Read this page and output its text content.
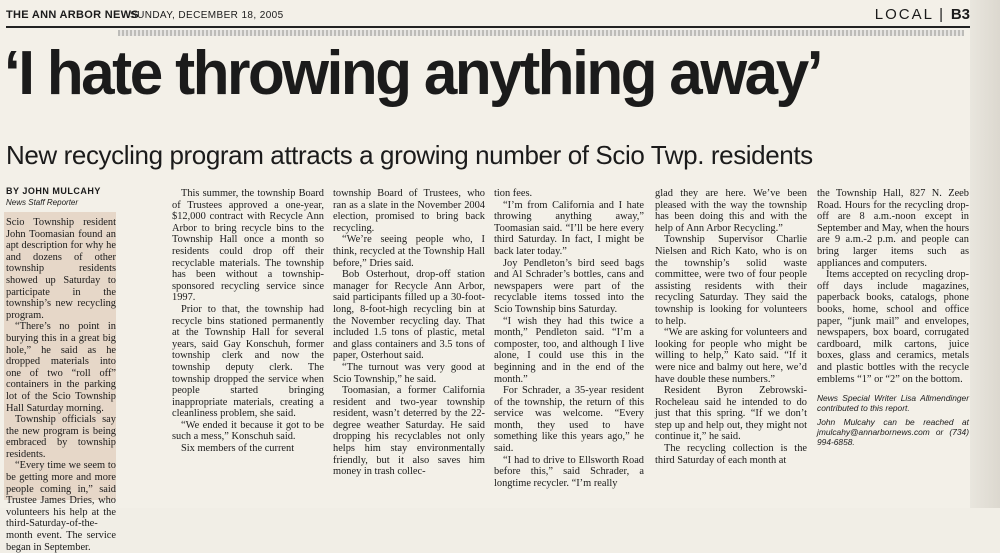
THE ANN ARBOR NEWS
SUNDAY, DECEMBER 18, 2005	LOCAL | B3
‘I hate throwing anything away’
New recycling program attracts a growing number of Scio Twp. residents
BY JOHN MULCAHY
News Staff Reporter

Scio Township resident John Toomasian found an apt description for why he and dozens of other township residents showed up Saturday to participate in the township’s new recycling program.

“There’s no point in burying this in a great big hole,” he said as he dropped materials into one of two “roll off” containers in the parking lot of the Scio Township Hall Saturday morning.

Township officials say the new program is being embraced by township residents.

“Every time we seem to be getting more and more people coming in,” said Trustee James Dries, who volunteers his help at the third-Saturday-of-the-month event. The service began in September.

This summer, the township Board of Trustees approved a one-year, $12,000 contract with Recycle Ann Arbor to bring recycle bins to the Township Hall once a month so residents could drop off their recyclable materials. The township has been without a township-sponsored recycling service since 1997.

Prior to that, the township had recycle bins stationed permanently at the Township Hall for several years, said Gay Konschuh, former township clerk and now the township deputy clerk. The township dropped the service when people started bringing inappropriate materials, creating a cleanliness problem, she said.

“We ended it because it got to be such a mess,” Konschuh said.

Six members of the current

township Board of Trustees, who ran as a slate in the November 2004 election, promised to bring back recycling.

“We’re seeing people who, I think, recycled at the Township Hall before,” Dries said.

Bob Osterhout, drop-off station manager for Recycle Ann Arbor, said participants filled up a 30-foot-long, 8-foot-high recycling bin at the November recycling day. That included 1.5 tons of plastic, metal and glass containers and 3.5 tons of paper, Osterhout said.

“The turnout was very good at Scio Township,” he said.

Toomasian, a former California resident and two-year township resident, wasn’t deterred by the 22-degree weather Saturday. He said dropping his recyclables not only helps him stay environmentally friendly, but it also saves him money in trash collec-

tion fees.

“I’m from California and I hate throwing anything away,” Toomasian said. “I’ll be here every third Saturday. In fact, I might be back later today.”

Joy Pendleton’s bird seed bags and Al Schrader’s bottles, cans and newspapers were part of the recyclable items tossed into the Scio Township bins Saturday.

“I wish they had this twice a month,” Pendleton said. “I’m a composter, too, and although I live alone, I could use this in the beginning and in the end of the month.”

For Schrader, a 35-year resident of the township, the return of this service was welcome. “Every month, they used to have something like this years ago,” he said.

“I had to drive to Ellsworth Road before this,” said Schrader, a longtime recycler. “I’m really

glad they are here. We’ve been pleased with the way the township has been doing this and with the help of Ann Arbor Recycling.”

Township Supervisor Charlie Nielsen and Rich Kato, who is on the township’s solid waste committee, were two of four people assisting residents with their recycling Saturday. They said the township is looking for volunteers to help.

“We are asking for volunteers and looking for people who might be willing to help,” Kato said. “If it were nice and balmy out here, we’d have double these numbers.”

Resident Byron Zebrowski-Rocheleau said he intended to do just that this spring. “If we don’t step up and help out, they might not continue it,” he said.

The recycling collection is the third Saturday of each month at

the Township Hall, 827 N. Zeeb Road. Hours for the recycling drop-off are 8 a.m.-noon except in September and May, when the hours are 9 a.m.-2 p.m. and people can bring larger items such as appliances and computers.

Items accepted on recycling drop-off days include magazines, paperback books, catalogs, phone books, home, school and office paper, “junk mail” and envelopes, newspapers, box board, corrugated cardboard, milk cartons, juice boxes, glass and ceramics, metals and plastic bottles with the recycle emblems “1” or “2” on the bottom.

News Special Writer Lisa Allmendinger contributed to this report.
John Mulcahy can be reached at jmulcahy@annarbornews.com or (734) 994-6858.
